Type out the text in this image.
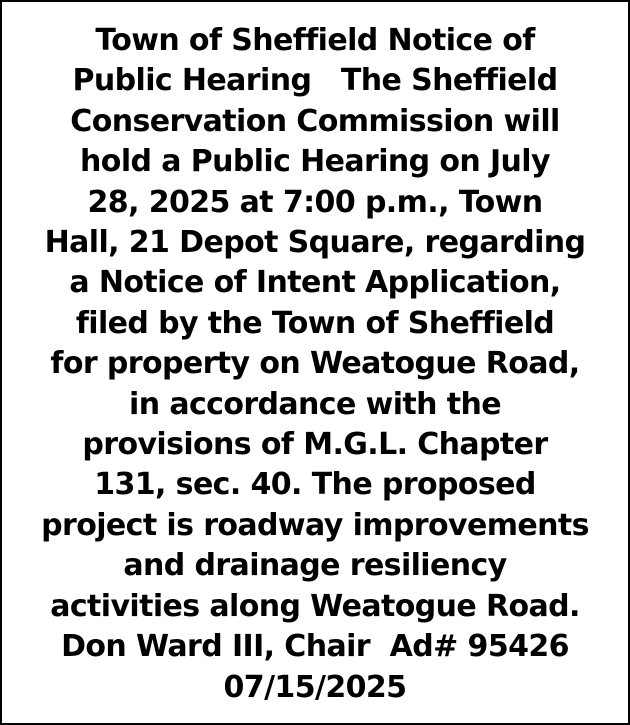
Town of Sheffield Notice of
Public Hearing   The Sheffield
Conservation Commission will
hold a Public Hearing on July
28, 2025 at 7:00 p.m., Town
Hall, 21 Depot Square, regarding
a Notice of Intent Application,
filed by the Town of Sheffield
for property on Weatogue Road,
in accordance with the
provisions of M.G.L. Chapter
131, sec. 40. The proposed
project is roadway improvements
and drainage resiliency
activities along Weatogue Road.
Don Ward III, Chair  Ad# 95426
07/15/2025
